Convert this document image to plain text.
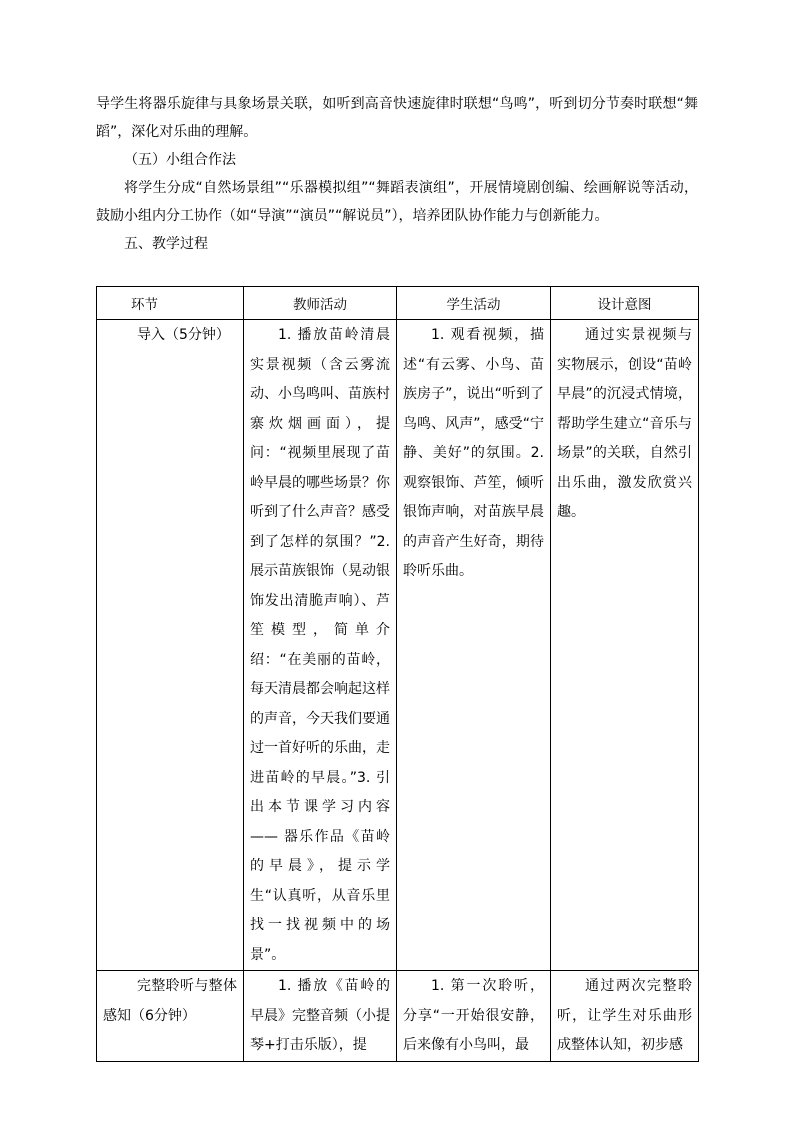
导学生将器乐旋律与具象场景关联，如听到高音快速旋律时联想“鸟鸣”，听到切分节奏时联想“舞蹈”，深化对乐曲的理解。

（五）小组合作法

将学生分成“自然场景组”“乐器模拟组”“舞蹈表演组”，开展情境剧创编、绘画解说等活动，鼓励小组内分工协作（如“导演”“演员”“解说员”），培养团队协作能力与创新能力。

五、教学过程

环节	教师活动	学生活动	设计意图

导入（5分钟）	1. 播放苗岭清晨实景视频（含云雾流动、小鸟鸣叫、苗族村寨炊烟画面），提问：“视频里展现了苗岭早晨的哪些场景？你听到了什么声音？感受到了怎样的氛围？”2. 展示苗族银饰（晃动银饰发出清脆声响）、芦笙模型，简单介绍：“在美丽的苗岭，每天清晨都会响起这样的声音，今天我们要通过一首好听的乐曲，走进苗岭的早晨。”3. 引出本节课学习内容 —— 器乐作品《苗岭的早晨》，提示学生“认真听，从音乐里找一找视频中的场景”。	1. 观看视频，描述“有云雾、小鸟、苗族房子”，说出“听到了鸟鸣、风声”，感受“宁静、美好”的氛围。2. 观察银饰、芦笙，倾听银饰声响，对苗族早晨的声音产生好奇，期待聆听乐曲。	通过实景视频与实物展示，创设“苗岭早晨”的沉浸式情境，帮助学生建立“音乐与场景”的关联，自然引出乐曲，激发欣赏兴趣。

完整聆听与整体感知（6分钟）	1. 播放《苗岭的早晨》完整音频（小提琴+打击乐版），提	1. 第一次聆听，分享“一开始很安静，后来像有小鸟叫，最	通过两次完整聆听，让学生对乐曲形成整体认知，初步感
